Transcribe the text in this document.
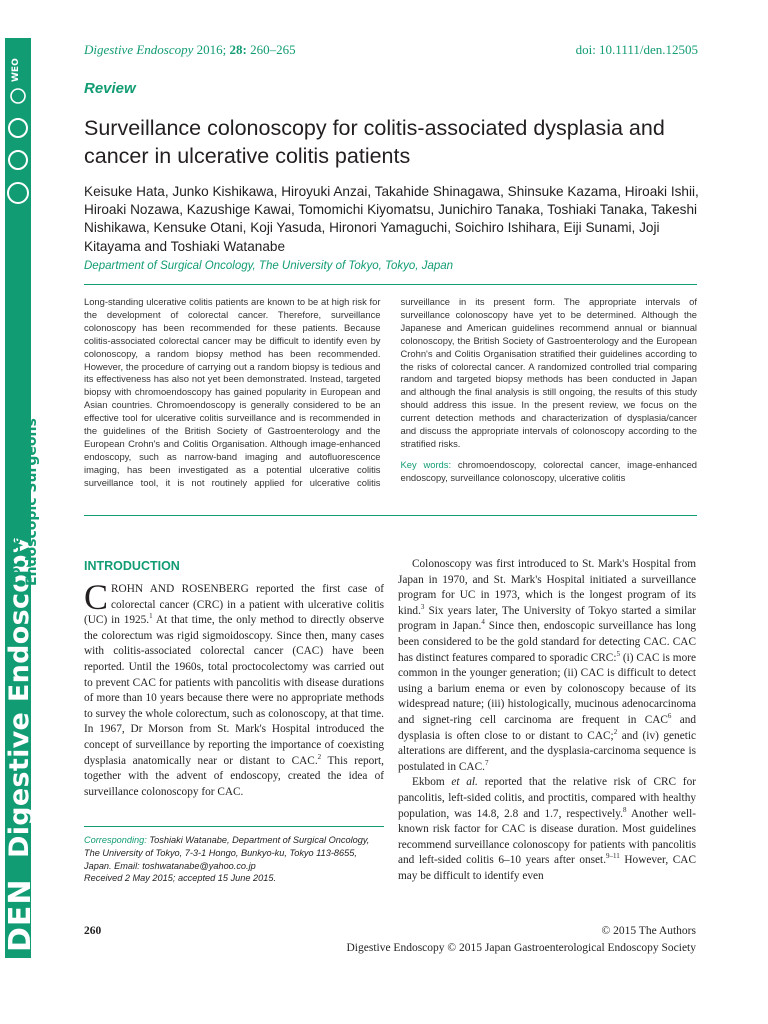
WEO
Digestive Endoscopy
DEN
For Gastroenterologists and Endoscopic Surgeons
Digestive Endoscopy 2016; 28: 260–265	doi: 10.1111/den.12505
Review
Surveillance colonoscopy for colitis-associated dysplasia and cancer in ulcerative colitis patients
Keisuke Hata, Junko Kishikawa, Hiroyuki Anzai, Takahide Shinagawa, Shinsuke Kazama, Hiroaki Ishii, Hiroaki Nozawa, Kazushige Kawai, Tomomichi Kiyomatsu, Junichiro Tanaka, Toshiaki Tanaka, Takeshi Nishikawa, Kensuke Otani, Koji Yasuda, Hironori Yamaguchi, Soichiro Ishihara, Eiji Sunami, Joji Kitayama and Toshiaki Watanabe
Department of Surgical Oncology, The University of Tokyo, Tokyo, Japan

Long-standing ulcerative colitis patients are known to be at high risk for the development of colorectal cancer. Therefore, surveillance colonoscopy has been recommended for these patients. Because colitis-associated colorectal cancer may be difficult to identify even by colonoscopy, a random biopsy method has been recommended. However, the procedure of carrying out a random biopsy is tedious and its effectiveness has also not yet been demonstrated. Instead, targeted biopsy with chromoendoscopy has gained popularity in European and Asian countries. Chromoendoscopy is generally considered to be an effective tool for ulcerative colitis surveillance and is recommended in the guidelines of the British Society of Gastroenterology and the European Crohn's and Colitis Organisation. Although image-enhanced endoscopy, such as narrow-band imaging and autofluorescence imaging, has been investigated as a potential ulcerative colitis surveillance tool, it is not routinely applied for ulcerative colitis surveillance in its present form. The appropriate intervals of surveillance colonoscopy have yet to be determined. Although the Japanese and American guidelines recommend annual or biannual colonoscopy, the British Society of Gastroenterology and the European Crohn's and Colitis Organisation stratified their guidelines according to the risks of colorectal cancer. A randomized controlled trial comparing random and targeted biopsy methods has been conducted in Japan and although the final analysis is still ongoing, the results of this study should address this issue. In the present review, we focus on the current detection methods and characterization of dysplasia/cancer and discuss the appropriate intervals of colonoscopy according to the stratified risks.

Key words: chromoendoscopy, colorectal cancer, image-enhanced endoscopy, surveillance colonoscopy, ulcerative colitis

INTRODUCTION

CROHN AND ROSENBERG reported the first case of colorectal cancer (CRC) in a patient with ulcerative colitis (UC) in 1925.$^1$ At that time, the only method to directly observe the colorectum was rigid sigmoidoscopy. Since then, many cases with colitis-associated colorectal cancer (CAC) have been reported. Until the 1960s, total proctocolectomy was carried out to prevent CAC for patients with pancolitis with disease durations of more than 10 years because there were no appropriate methods to survey the whole colorectum, such as colonoscopy, at that time. In 1967, Dr Morson from St. Mark's Hospital introduced the concept of surveillance by reporting the importance of coexisting dysplasia anatomically near or distant to CAC.$^2$ This report, together with the advent of endoscopy, created the idea of surveillance colonoscopy for CAC.

Colonoscopy was first introduced to St. Mark's Hospital from Japan in 1970, and St. Mark's Hospital initiated a surveillance program for UC in 1973, which is the longest program of its kind.$^3$ Six years later, The University of Tokyo started a similar program in Japan.$^4$ Since then, endoscopic surveillance has long been considered to be the gold standard for detecting CAC. CAC has distinct features compared to sporadic CRC:$^5$ (i) CAC is more common in the younger generation; (ii) CAC is difficult to detect using a barium enema or even by colonoscopy because of its widespread nature; (iii) histologically, mucinous adenocarcinoma and signet-ring cell carcinoma are frequent in CAC$^6$ and dysplasia is often close to or distant to CAC;$^2$ and (iv) genetic alterations are different, and the dysplasia-carcinoma sequence is postulated in CAC.$^7$

Ekbom et al. reported that the relative risk of CRC for pancolitis, left-sided colitis, and proctitis, compared with healthy population, was 14.8, 2.8 and 1.7, respectively.$^8$ Another well-known risk factor for CAC is disease duration. Most guidelines recommend surveillance colonoscopy for patients with pancolitis and left-sided colitis 6–10 years after onset.$^{9-11}$ However, CAC may be difficult to identify even

Corresponding: Toshiaki Watanabe, Department of Surgical Oncology, The University of Tokyo, 7-3-1 Hongo, Bunkyo-ku, Tokyo 113-8655, Japan. Email: toshwatanabe@yahoo.co.jp
Received 2 May 2015; accepted 15 June 2015.
260	© 2015 The Authors
Digestive Endoscopy © 2015 Japan Gastroenterological Endoscopy Society
